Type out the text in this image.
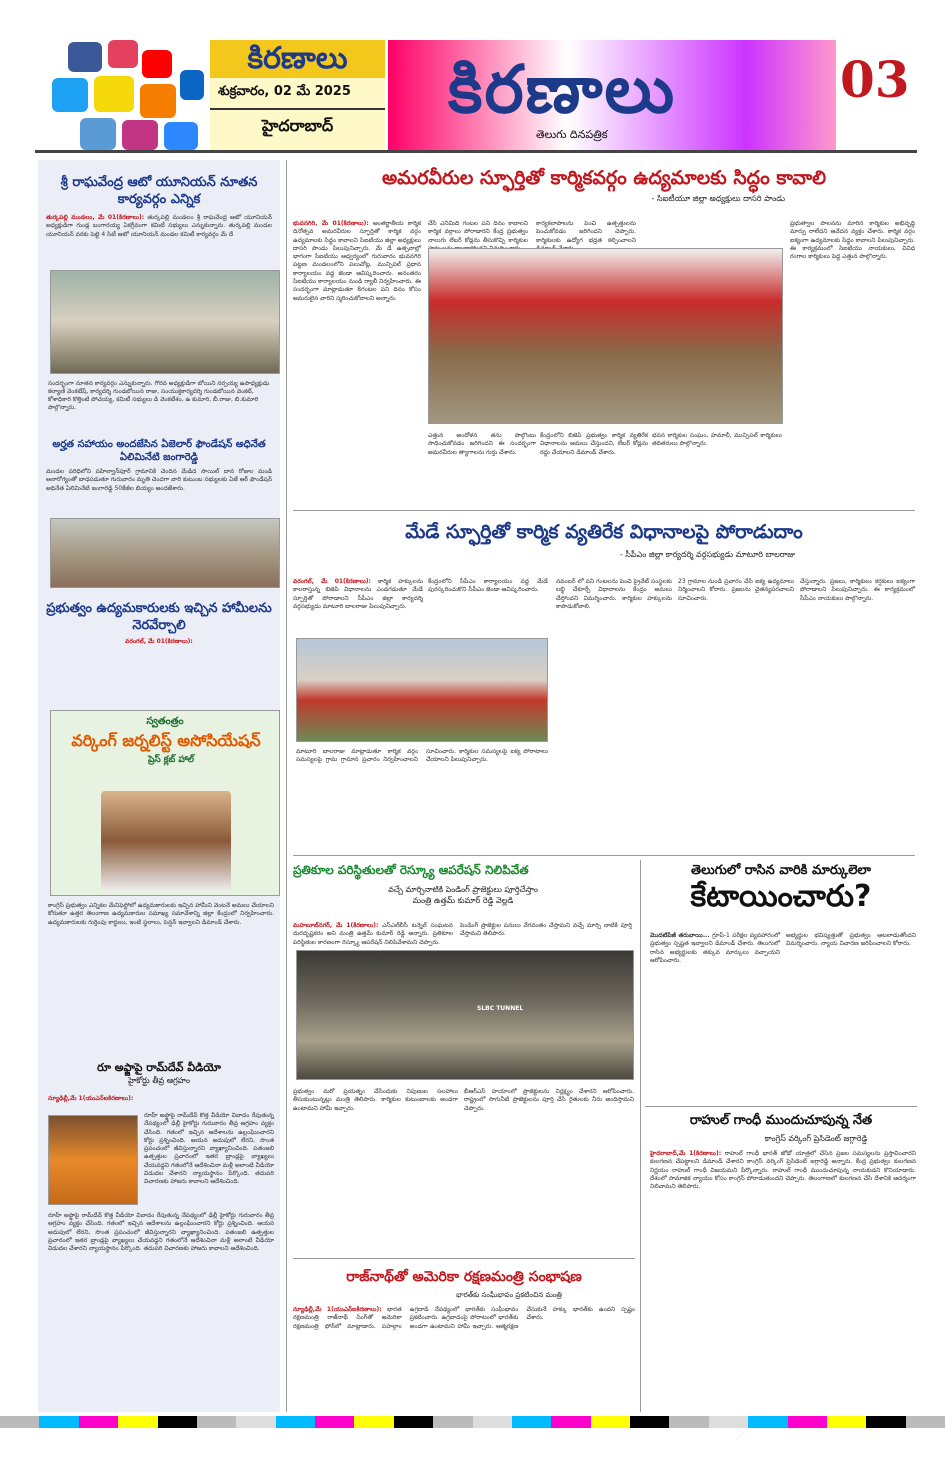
కిరణాలు
శుక్రవారం, 02 మే 2025
హైదరాబాద్	కిరణాలు
తెలుగు దినపత్రిక
03
శ్రీ రాఘవేంద్ర ఆటో యూనియన్ నూతన కార్యవర్గం ఎన్నిక
తుర్కపల్లి మండలం, మే 01(కిరణాలు): తుర్కపల్లి మండలం శ్రీ రాఘవేంద్ర ఆటో యూనియన్ అధ్యక్షుడిగా గుండ్ల బంగారయ్య ఏకగ్రీవంగా కమిటీ సభ్యులు ఎన్నుకున్నారు. తుర్కపల్లి మండల యూనియన్ వరకు పెట్టె 4 సిటీ ఆటో యూనియన్ మండల కమిటీ కార్యవర్గం మే దే
సందర్భంగా నూతన కార్యవర్గం ఎన్నుకున్నారు. గౌరవ అధ్యక్షుడిగా బోయిని నర్సయ్య ఉపాధ్యక్షుడు కల్యాణి వెంకటేష్, కార్యదర్శి గుండబోయిన రాజు, సంయుక్తకార్యదర్శి గుండబోయిన వెంకట్, కోశాధికారి కొత్తింటి పోచయ్య, కమిటీ సభ్యులు డి వెంకటేశం, ఉ కుమారి, బీ.రాజు, బి.కుమారి పాల్గొన్నారు.
అర్హత సహాయం అందజేసిన ఏజెలార్ ఫౌండేషన్ అధినేత ఏలిమినేటి జంగారెడ్డి
మండల పరిధిలోని పహిల్వాన్‌పూర్ గ్రామానికి చెందిన మేడిద సాయిల్ దాన రోజుల మండి ఆనారోగ్యంతో బాధపడుతూ గురువారం మృతి చెందగా వారి కుటుంబ సభ్యులకు ఏజే ఆర్ ఫౌండేషన్ అధినేత ఏలిమినేటి జంగారెడ్డి 50కేజీల బియ్యం అందజేశారు.
ప్రభుత్వం ఉద్యమకారులకు ఇచ్చిన హామీలను నెరవేర్చాలి
వరంగల్, మే 01(కిరణాలు):
స్వతంత్రం
వర్కింగ్ జర్నలిస్ట్ అసోసియేషన్
ప్రెస్ క్లబ్ హాల్
కాంగ్రెస్ ప్రభుత్వం ఎన్నికల మేనిఫెస్టోలో ఉద్యమకారులకు ఇచ్చిన హామీని వెంటనే అమలు చేయాలని కోరుతూ ఉత్తర తెలంగాణ ఉద్యమకారుల సమాఖ్య సమావేశాన్ని జిల్లా కేంద్రంలో నిర్వహించారు. ఉద్యమకారులకు గుర్తింపు కార్డులు, ఇంటి స్థలాలు, పెన్షన్ ఇవ్వాలని డిమాండ్ చేశారు.
రూ అఫ్జాపై రామ్‌దేవ్ వీడియో
హైకోర్టు తీవ్ర ఆగ్రహం
న్యూఢిల్లీ,మే 1(యుఎన్ఐ‌కిరణాలు):
రూహ్ అఫ్జాపై రామ్‌దేవ్ కొత్త వీడియో వివాదం రేపుతున్న నేపథ్యంలో ఢిల్లీ హైకోర్టు గురువారం తీవ్ర ఆగ్రహం వ్యక్తం చేసింది. గతంలో ఇచ్చిన ఆదేశాలను ఉల్లంఘించారని కోర్టు ప్రశ్నించింది. ఆయన అదుపులో లేరని, సొంత ప్రపంచంలో జీవిస్తున్నారని వ్యాఖ్యానించింది. పతంజలి ఉత్పత్తుల ప్రచారంలో ఇతర బ్రాండ్లపై వ్యాఖ్యలు చేయవద్దని గతంలోనే ఆదేశించినా మళ్లీ అలాంటి వీడియో విడుదల చేశారని న్యాయస్థానం పేర్కొంది. తదుపరి విచారణకు హాజరు కావాలని ఆదేశించింది.
రూహ్ అఫ్జాపై రామ్‌దేవ్ కొత్త వీడియో వివాదం రేపుతున్న నేపథ్యంలో ఢిల్లీ హైకోర్టు గురువారం తీవ్ర ఆగ్రహం వ్యక్తం చేసింది. గతంలో ఇచ్చిన ఆదేశాలను ఉల్లంఘించారని కోర్టు ప్రశ్నించింది. ఆయన అదుపులో లేరని, సొంత ప్రపంచంలో జీవిస్తున్నారని వ్యాఖ్యానించింది. పతంజలి ఉత్పత్తుల ప్రచారంలో ఇతర బ్రాండ్లపై వ్యాఖ్యలు చేయవద్దని గతంలోనే ఆదేశించినా మళ్లీ అలాంటి వీడియో విడుదల చేశారని న్యాయస్థానం పేర్కొంది. తదుపరి విచారణకు హాజరు కావాలని ఆదేశించింది.
అమరవీరుల స్ఫూర్తితో కార్మికవర్గం ఉద్యమాలకు సిద్ధం కావాలి
- సిఐటీయూ జిల్లా అధ్యక్షులు దాసరి పాండు
భువనగిరి, మే 01(కిరణాలు): అంతర్జాతీయ కార్మిక దినోత్సవ అమరవీరుల స్ఫూర్తితో కార్మిక వర్గం ఉద్యమాలకు సిద్ధం కావాలని సిఐటియు జిల్లా అధ్యక్షులు దాసరి పాండు పిలుపునిచ్చారు. మే డే ఉత్సవాల్లో భాగంగా సిఐటియు ఆధ్వర్యంలో గురువారం భువనగిరి పట్టణ మండలంలోని పలుచోట్ల, మున్సిపల్ ప్రధాన కార్యాలయం వద్ద జెండా ఆవిష్కరించారు. అనంతరం సిఐటియు కార్యాలయం నుండి ర్యాలీ నిర్వహించారు. ఈ సందర్భంగా మాట్లాడుతూ 8గంటల పని దినం కోసం అమరులైన వారిని స్మరించుకోవాలని అన్నారు.
చేసే ఎనిమిది గంటల పని దినం కావాలని కార్మిక వర్గాలు పోరాడారని కేంద్ర ప్రభుత్వం నాలుగు లేబర్ కోడ్లను తీసుకొచ్చి కార్మికుల
కార్యకలాపాలను పెంచి ఉత్పత్తులను పెంచుకోవడం జరిగిందని చెప్పారు. కార్మికులకు ఉద్యోగ భద్రత కల్పించాలని
ఎత్తున అందోళన తను పాల్గొంటు సాధించుకోవడం జరిగిందని ఈ సందర్భంగా అమరవీరుల త్యాగాలను గుర్తు చేశారు.
కేంద్రంలోని బిజెపి ప్రభుత్వం కార్మిక వ్యతిరేక విధానాలను అమలు చేస్తుందని, లేబర్ కోడ్లను రద్దు చేయాలని డిమాండ్ చేశారు.
భవన కార్మికుల సంఘం, హమాలీ, మున్సిపల్ కార్మికులు తదితరులు పాల్గొన్నారు.
ప్రభుత్వాల పాలనను మారిన కార్మికుల అభివృద్ధి మార్పు రాలేదని ఆవేదన వ్యక్తం చేశారు. కార్మిక వర్గం ఐక్యంగా ఉద్యమాలకు సిద్ధం కావాలని పిలుపునిచ్చారు. ఈ కార్యక్రమంలో సిఐటియు నాయకులు, వివిధ రంగాల కార్మికులు పెద్ద ఎత్తున పాల్గొన్నారు.
మేడే స్ఫూర్తితో కార్మిక వ్యతిరేక విధానాలపై పోరాడుదాం
- సీపీఎం జిల్లా కార్యదర్శి వర్గసభ్యుడు మాటూరి బాలరాజు
వరంగల్, మే 01(కిరణాలు): కార్మిక హక్కులను కాలరాస్తున్న బిజెపి విధానాలను ఎండగడుతూ మేడే స్ఫూర్తితో పోరాడాలని సీపీఎం జిల్లా కార్యదర్శి వర్గసభ్యుడు మాటూరి బాలరాజు పిలుపునిచ్చారు.
కేంద్రంలోని సీపీఎం కార్యాలయం వద్ద మేడే పురస్కరించుకొని సీపీఎం జెండా ఆవిష్కరించారు.
మాటూరి బాలరాజు మాట్లాడుతూ కార్మిక వర్గం సమస్యలపై గ్రామ గ్రామాన ప్రచారం నిర్వహించాలని సూచించారు. కార్మికుల సమస్యలపై ఐక్య పోరాటాలు చేయాలని పిలుపునిచ్చారు.
నవంబర్ లో పని గంటలను పెంచి ప్రైవేట్ సంస్థలకు లబ్ధి చేకూర్చే విధానాలను కేంద్రం అమలు చేస్తోందని విమర్శించారు. కార్మికుల హక్కులను కాపాడుకోవాలి.
23 గ్రామాల నుండి ప్రచారం చేసి ఐక్య ఉద్యమాలు నిర్మించాలని కోరారు. ప్రజలను చైతన్యపరచాలని సూచించారు.
చేస్తున్నారు. ప్రజలు, కార్మికులు కర్షకులు ఐక్యంగా పోరాడాలని పిలుపునిచ్చారు. ఈ కార్యక్రమంలో సీపీఎం నాయకులు పాల్గొన్నారు.
ప్రతికూల పరిస్థితులతో రెస్క్యూ ఆపరేషన్ నిలిపివేత
వచ్చే మార్చినాటికి పెండింగ్ ప్రాజెక్టులు పూర్తిచేస్తాం
మంత్రి ఉత్తమ్ కుమార్ రెడ్డి వెల్లడి
మహబూబ్‌నగర్, మే 1(కిరణాలు): ఎస్ఎల్‌బీసీ టన్నెల్ సంఘటన దురదృష్టకరం అని మంత్రి ఉత్తమ్ కుమార్ రెడ్డి అన్నారు. ప్రతికూల పరిస్థితుల కారణంగా రెస్క్యూ ఆపరేషన్ నిలిపివేశామని చెప్పారు.
పెండింగ్ ప్రాజెక్టుల పనులు వేగవంతం చేస్తామని వచ్చే మార్చి నాటికి పూర్తి చేస్తామని తెలిపారు.
SLBC TUNNEL
ప్రభుత్వం మరో ప్రయత్నం చేసేందుకు నిపుణుల సలహాలు తీసుకుంటున్నట్లు మంత్రి తెలిపారు. కార్మికుల కుటుంబాలకు అండగా ఉంటామని హామీ ఇచ్చారు.
బీఆర్ఎస్ హయాంలో ప్రాజెక్టులను నిర్లక్ష్యం చేశారని ఆరోపించారు. రాష్ట్రంలో సాగునీటి ప్రాజెక్టులను పూర్తి చేసి రైతులకు నీరు అందిస్తామని చెప్పారు.
రాజ్‌నాథ్‌తో అమెరికా రక్షణమంత్రి సంభాషణ
భారత్‌కు సంఘీభావం ప్రకటించిన మంత్రి
న్యూఢిల్లీ,మే 1(యుఎన్ఐ‌కిరణాలు): భారత రక్షణమంత్రి రాజ్‌నాథ్ సింగ్‌తో అమెరికా రక్షణమంత్రి ఫోన్‌లో మాట్లాడారు. పహల్గాం ఉగ్రదాడి నేపథ్యంలో భారత్‌కు సంఘీభావం ప్రకటించారు. ఉగ్రవాదంపై పోరాటంలో భారత్‌కు అండగా ఉంటామని హామీ ఇచ్చారు. ఆత్మరక్షణ చేసుకునే హక్కు భారత్‌కు ఉందని స్పష్టం చేశారు.
తెలుగులో రాసిన వారికి మార్కులెలా
కేటాయించారు?
మొదటిపేజీ తరువాయి... గ్రూప్-1 పరీక్షల వ్యవహారంలో ప్రభుత్వం స్పష్టత ఇవ్వాలని డిమాండ్ చేశారు. తెలుగులో రాసిన అభ్యర్థులకు తక్కువ మార్కులు వచ్చాయని ఆరోపించారు.
అభ్యర్థుల భవిష్యత్తుతో ప్రభుత్వం ఆటలాడుతోందని విమర్శించారు. న్యాయ విచారణ జరిపించాలని కోరారు.
రాహుల్ గాంధీ ముందుచూపున్న నేత
కాంగ్రెస్ వర్కింగ్ ప్రెసిడెంట్ జగ్గారెడ్డి
హైదరాబాద్,మే 1(కిరణాలు): రాహుల్ గాంధీ భారత్ జోడో యాత్రలో చేసిన ప్రజల సమస్యలను ప్రస్తావించారని కులగణన చేపట్టాలని డిమాండ్ చేశారని కాంగ్రెస్ వర్కింగ్ ప్రెసిడెంట్ జగ్గారెడ్డి అన్నారు. కేంద్ర ప్రభుత్వం కులగణన నిర్ణయం రాహుల్ గాంధీ విజయమని పేర్కొన్నారు. రాహుల్ గాంధీ ముందుచూపున్న నాయకుడని కొనియాడారు. దేశంలో సామాజిక న్యాయం కోసం కాంగ్రెస్ పోరాడుతుందని చెప్పారు. తెలంగాణలో కులగణన చేసి దేశానికి ఆదర్శంగా నిలిచామని తెలిపారు.
